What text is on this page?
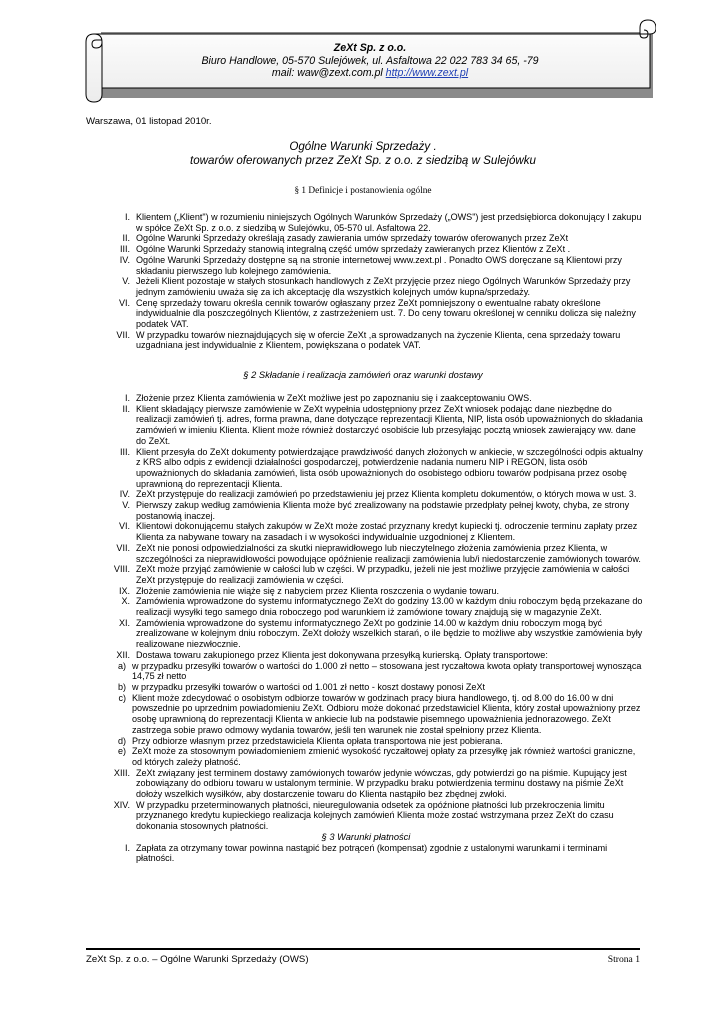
ZeXt Sp. z o.o.
Biuro Handlowe, 05-570 Sulejówek, ul. Asfaltowa 22 022 783 34 65, -79
mail: waw@zext.com.pl http://www.zext.pl
Warszawa, 01 listopad 2010r.
Ogólne Warunki Sprzedaży .
towarów oferowanych przez ZeXt Sp. z o.o. z siedzibą w Sulejówku
§ 1 Definicje i postanowienia ogólne
I. Klientem („Klient") w rozumieniu niniejszych Ogólnych Warunków Sprzedaży („OWS") jest przedsiębiorca dokonujący I zakupu w spółce ZeXt Sp. z o.o. z siedzibą w Sulejówku, 05-570 ul. Asfaltowa 22.
II. Ogólne Warunki Sprzedaży określają zasady zawierania umów sprzedaży towarów oferowanych przez ZeXt
III. Ogólne Warunki Sprzedaży stanowią integralną część umów sprzedaży zawieranych przez Klientów z ZeXt .
IV. Ogólne Warunki Sprzedaży dostępne są na stronie internetowej www.zext.pl . Ponadto OWS doręczane są Klientowi przy składaniu pierwszego lub kolejnego zamówienia.
V. Jeżeli Klient pozostaje w stałych stosunkach handlowych z ZeXt przyjęcie przez niego Ogólnych Warunków Sprzedaży przy jednym zamówieniu uważa się za ich akceptację dla wszystkich kolejnych umów kupna/sprzedaży.
VI. Cenę sprzedaży towaru określa cennik towarów ogłaszany przez ZeXt pomniejszony o ewentualne rabaty określone indywidualnie dla poszczególnych Klientów, z zastrzeżeniem ust. 7. Do ceny towaru określonej w cenniku dolicza się należny podatek VAT.
VII. W przypadku towarów nieznajdujących się w ofercie ZeXt ,a sprowadzanych na życzenie Klienta, cena sprzedaży towaru uzgadniana jest indywidualnie z Klientem, powiększana o podatek VAT.
§ 2 Składanie i realizacja zamówień oraz warunki dostawy
I. Złożenie przez Klienta zamówienia w ZeXt możliwe jest po zapoznaniu się i zaakceptowaniu OWS.
II. Klient składający pierwsze zamówienie w ZeXt wypełnia udostępniony przez ZeXt wniosek podając dane niezbędne do realizacji zamówień tj. adres, forma prawna, dane dotyczące reprezentacji Klienta, NIP, lista osób upoważnionych do składania zamówień w imieniu Klienta. Klient może również dostarczyć osobiście lub przesyłając pocztą wniosek zawierający ww. dane do ZeXt.
III. Klient przesyła do ZeXt dokumenty potwierdzające prawdziwość danych złożonych w ankiecie, w szczególności odpis aktualny z KRS albo odpis z ewidencji działalności gospodarczej, potwierdzenie nadania numeru NIP i REGON, lista osób upoważnionych do składania zamówień, lista osób upoważnionych do osobistego odbioru towarów podpisana przez osobę uprawnioną do reprezentacji Klienta.
IV. ZeXt przystępuje do realizacji zamówień po przedstawieniu jej przez Klienta kompletu dokumentów, o których mowa w ust. 3.
V. Pierwszy zakup według zamówienia Klienta może być zrealizowany na podstawie przedpłaty pełnej kwoty, chyba, ze strony postanowią inaczej.
VI. Klientowi dokonującemu stałych zakupów w ZeXt może zostać przyznany kredyt kupiecki tj. odroczenie terminu zapłaty przez Klienta za nabywane towary na zasadach i w wysokości indywidualnie uzgodnionej z Klientem.
VII. ZeXt nie ponosi odpowiedzialności za skutki nieprawidłowego lub nieczytelnego złożenia zamówienia przez Klienta, w szczególności za nieprawidłowości powodujące opóźnienie realizacji zamówienia lub/i niedostarczenie zamówionych towarów.
VIII. ZeXt może przyjąć zamówienie w całości lub w części. W przypadku, jeżeli nie jest możliwe przyjęcie zamówienia w całości ZeXt przystępuje do realizacji zamówienia w części.
IX. Złożenie zamówienia nie wiąże się z nabyciem przez Klienta roszczenia o wydanie towaru.
X. Zamówienia wprowadzone do systemu informatycznego ZeXt do godziny 13.00 w każdym dniu roboczym będą przekazane do realizacji wysyłki tego samego dnia roboczego pod warunkiem iż zamówione towary znajdują się w magazynie ZeXt.
XI. Zamówienia wprowadzone do systemu informatycznego ZeXt po godzinie 14.00 w każdym dniu roboczym mogą być zrealizowane w kolejnym dniu roboczym. ZeXt dołoży wszelkich starań, o ile będzie to możliwe aby wszystkie zamówienia były realizowane niezwłocznie.
XII. Dostawa towaru zakupionego przez Klienta jest dokonywana przesyłką kurierską. Opłaty transportowe:
a) w przypadku przesyłki towarów o wartości do 1.000 zł netto – stosowana jest ryczałtowa kwota opłaty transportowej wynosząca 14,75 zł netto
b) w przypadku przesyłki towarów o wartości od 1.001 zł netto - koszt dostawy ponosi ZeXt
c) Klient może zdecydować o osobistym odbiorze towarów w godzinach pracy biura handlowego, tj. od 8.00 do 16.00 w dni powszednie po uprzednim powiadomieniu ZeXt. Odbioru może dokonać przedstawiciel Klienta, który został upoważniony przez osobę uprawnioną do reprezentacji Klienta w ankiecie lub na podstawie pisemnego upoważnienia jednorazowego. ZeXt zastrzega sobie prawo odmowy wydania towarów, jeśli ten warunek nie został spełniony przez Klienta.
d) Przy odbiorze własnym przez przedstawiciela Klienta opłata transportowa nie jest pobierana.
e) ZeXt może za stosownym powiadomieniem zmienić wysokość ryczałtowej opłaty za przesyłkę jak również wartości graniczne, od których zależy płatność.
XIII. ZeXt związany jest terminem dostawy zamówionych towarów jedynie wówczas, gdy potwierdzi go na piśmie. Kupujący jest zobowiązany do odbioru towaru w ustalonym terminie. W przypadku braku potwierdzenia terminu dostawy na piśmie ZeXt dołoży wszelkich wysiłków, aby dostarczenie towaru do Klienta nastąpiło bez zbędnej zwłoki.
XIV. W przypadku przeterminowanych płatności, nieuregulowania odsetek za opóźnione płatności lub przekroczenia limitu przyznanego kredytu kupieckiego realizacja kolejnych zamówień Klienta może zostać wstrzymana przez ZeXt do czasu dokonania stosownych płatności.
§ 3 Warunki płatności
I. Zapłata za otrzymany towar powinna nastąpić bez potrąceń (kompensat) zgodnie z ustalonymi warunkami i terminami płatności.
ZeXt Sp. z o.o. – Ogólne Warunki Sprzedaży (OWS)	Strona 1
